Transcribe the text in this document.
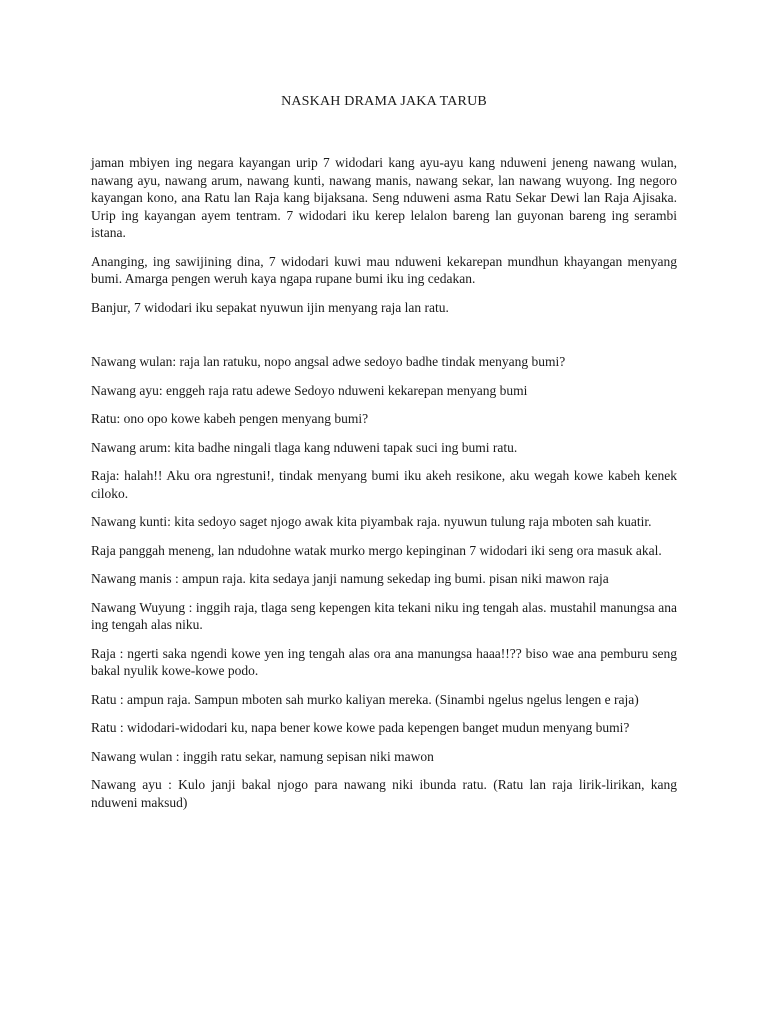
NASKAH DRAMA JAKA TARUB

jaman mbiyen ing negara kayangan urip 7 widodari kang ayu-ayu kang nduweni jeneng nawang wulan, nawang ayu, nawang arum, nawang kunti, nawang manis, nawang sekar, lan nawang wuyong. Ing negoro kayangan kono, ana Ratu lan Raja kang bijaksana. Seng nduweni asma Ratu Sekar Dewi lan Raja Ajisaka. Urip ing kayangan ayem tentram. 7 widodari iku kerep lelalon bareng lan guyonan bareng ing serambi istana.

Ananging, ing sawijining dina, 7 widodari kuwi mau nduweni kekarepan mundhun khayangan menyang bumi. Amarga pengen weruh kaya ngapa rupane bumi iku ing cedakan.

Banjur, 7 widodari iku sepakat nyuwun ijin menyang raja lan ratu.

Nawang wulan: raja lan ratuku, nopo angsal adwe sedoyo badhe tindak menyang bumi?

Nawang ayu: enggeh raja ratu adewe Sedoyo nduweni kekarepan menyang bumi

Ratu: ono opo kowe kabeh pengen menyang bumi?

Nawang arum: kita badhe ningali tlaga kang nduweni tapak suci ing bumi ratu.

Raja: halah!! Aku ora ngrestuni!, tindak menyang bumi iku akeh resikone, aku wegah kowe kabeh kenek ciloko.

Nawang kunti: kita sedoyo saget njogo awak kita piyambak raja. nyuwun tulung raja mboten sah kuatir.

Raja panggah meneng, lan ndudohne watak murko mergo kepinginan 7 widodari iki seng ora masuk akal.

Nawang manis : ampun raja. kita sedaya janji namung sekedap ing bumi. pisan niki mawon raja

Nawang Wuyung : inggih raja, tlaga seng kepengen kita tekani niku ing tengah alas. mustahil manungsa ana ing tengah alas niku.

Raja : ngerti saka ngendi kowe yen ing tengah alas ora ana manungsa haaa!!?? biso wae ana pemburu seng bakal nyulik kowe-kowe podo.

Ratu : ampun raja. Sampun mboten sah murko kaliyan mereka. (Sinambi ngelus ngelus lengen e raja)

Ratu : widodari-widodari ku, napa bener kowe kowe pada kepengen banget mudun menyang bumi?

Nawang wulan : inggih ratu sekar, namung sepisan niki mawon

Nawang ayu : Kulo janji bakal njogo para nawang niki ibunda ratu. (Ratu lan raja lirik-lirikan, kang nduweni maksud)
